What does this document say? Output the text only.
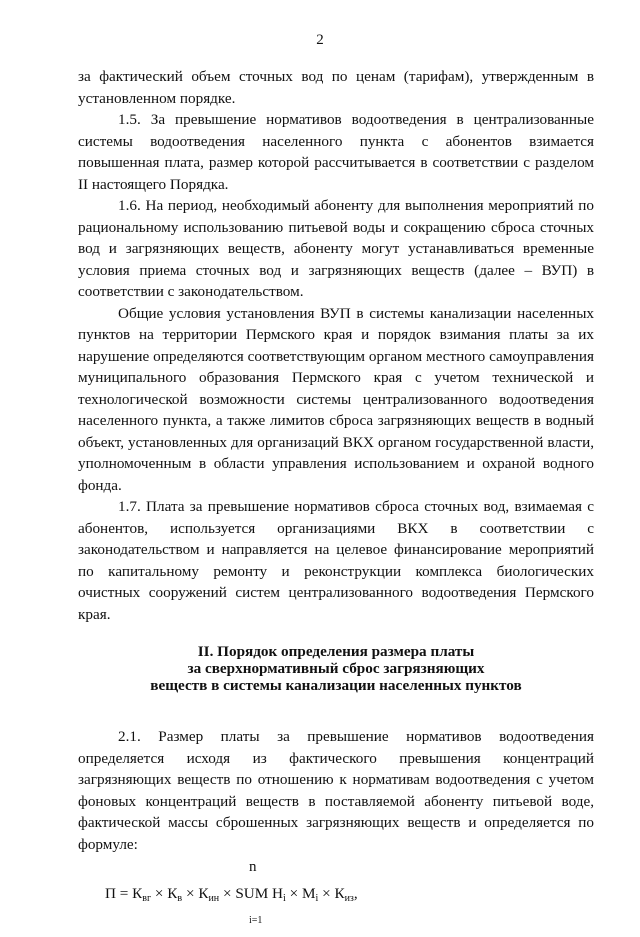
2

за фактический объем сточных вод по ценам (тарифам), утвержденным в установленном порядке.

1.5. За превышение нормативов водоотведения в централизованные системы водоотведения населенного пункта с абонентов взимается повышенная плата, размер которой рассчитывается в соответствии с разделом II настоящего Порядка.

1.6. На период, необходимый абоненту для выполнения мероприятий по рациональному использованию питьевой воды и сокращению сброса сточных вод и загрязняющих веществ, абоненту могут устанавливаться временные условия приема сточных вод и загрязняющих веществ (далее – ВУП) в соответствии с законодательством.

Общие условия установления ВУП в системы канализации населенных пунктов на территории Пермского края и порядок взимания платы за их нарушение определяются соответствующим органом местного самоуправления муниципального образования Пермского края с учетом технической и технологической возможности системы централизованного водоотведения населенного пункта, а также лимитов сброса загрязняющих веществ в водный объект, установленных для организаций ВКХ органом государственной власти, уполномоченным в области управления использованием и охраной водного фонда.

1.7. Плата за превышение нормативов сброса сточных вод, взимаемая с абонентов, используется организациями ВКХ в соответствии с законодательством и направляется на целевое финансирование мероприятий по капитальному ремонту и реконструкции комплекса биологических очистных сооружений систем централизованного водоотведения Пермского края.

II. Порядок определения размера платы

за сверхнормативный сброс загрязняющих

веществ в системы канализации населенных пунктов

2.1. Размер платы за превышение нормативов водоотведения определяется исходя из фактического превышения концентраций загрязняющих веществ по отношению к нормативам водоотведения с учетом фоновых концентраций веществ в поставляемой абоненту питьевой воде, фактической массы сброшенных загрязняющих веществ и определяется по формуле:

n
$П = К_{вг} \times К_в \times К_{ин}$ × SUM $H_i \times M_i \times К_{из}$,
i=1
